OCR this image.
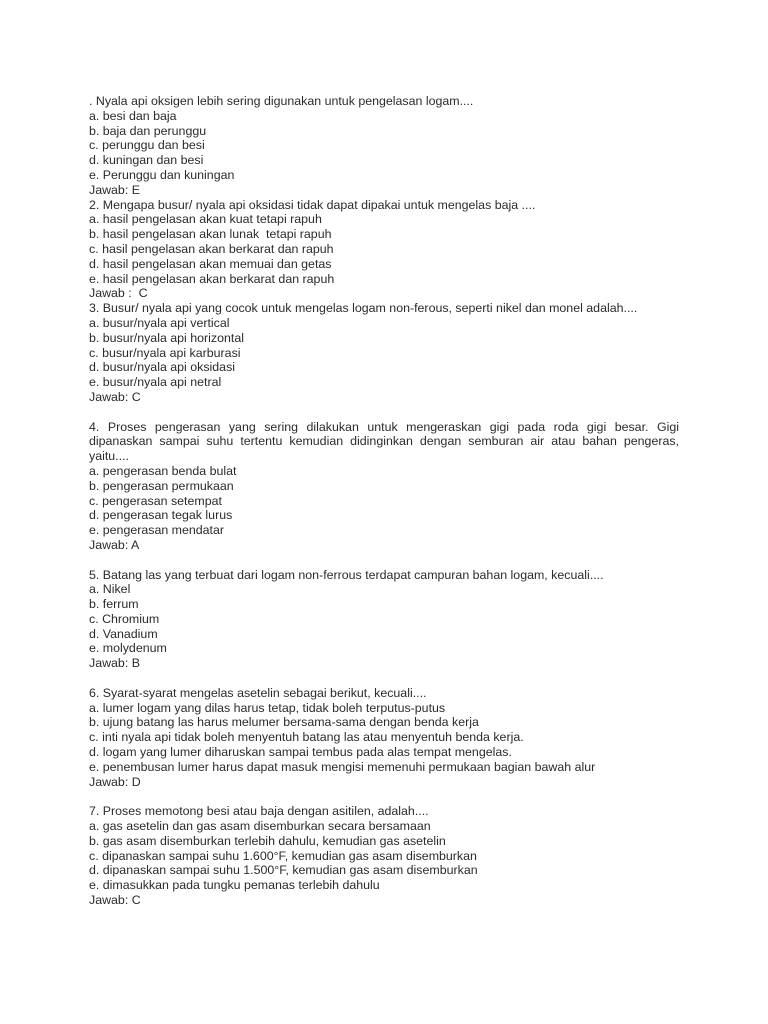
. Nyala api oksigen lebih sering digunakan untuk pengelasan logam....
a. besi dan baja
b. baja dan perunggu
c. perunggu dan besi
d. kuningan dan besi
e. Perunggu dan kuningan
Jawab: E
2. Mengapa busur/ nyala api oksidasi tidak dapat dipakai untuk mengelas baja ....
a. hasil pengelasan akan kuat tetapi rapuh
b. hasil pengelasan akan lunak  tetapi rapuh
c. hasil pengelasan akan berkarat dan rapuh
d. hasil pengelasan akan memuai dan getas
e. hasil pengelasan akan berkarat dan rapuh
Jawab :  C
3. Busur/ nyala api yang cocok untuk mengelas logam non-ferous, seperti nikel dan monel adalah....
a. busur/nyala api vertical
b. busur/nyala api horizontal
c. busur/nyala api karburasi
d. busur/nyala api oksidasi
e. busur/nyala api netral
Jawab: C
4. Proses pengerasan yang sering dilakukan untuk mengeraskan gigi pada roda gigi besar. Gigi dipanaskan sampai suhu tertentu kemudian didinginkan dengan semburan air atau bahan pengeras, yaitu....
a. pengerasan benda bulat
b. pengerasan permukaan
c. pengerasan setempat
d. pengerasan tegak lurus
e. pengerasan mendatar
Jawab: A
5. Batang las yang terbuat dari logam non-ferrous terdapat campuran bahan logam, kecuali....
a. Nikel
b. ferrum
c. Chromium
d. Vanadium
e. molydenum
Jawab: B
6. Syarat-syarat mengelas asetelin sebagai berikut, kecuali....
a. lumer logam yang dilas harus tetap, tidak boleh terputus-putus
b. ujung batang las harus melumer bersama-sama dengan benda kerja
c. inti nyala api tidak boleh menyentuh batang las atau menyentuh benda kerja.
d. logam yang lumer diharuskan sampai tembus pada alas tempat mengelas.
e. penembusan lumer harus dapat masuk mengisi memenuhi permukaan bagian bawah alur
Jawab: D
7. Proses memotong besi atau baja dengan asitilen, adalah....
a. gas asetelin dan gas asam disemburkan secara bersamaan
b. gas asam disemburkan terlebih dahulu, kemudian gas asetelin
c. dipanaskan sampai suhu 1.600°F, kemudian gas asam disemburkan
d. dipanaskan sampai suhu 1.500°F, kemudian gas asam disemburkan
e. dimasukkan pada tungku pemanas terlebih dahulu
Jawab: C
